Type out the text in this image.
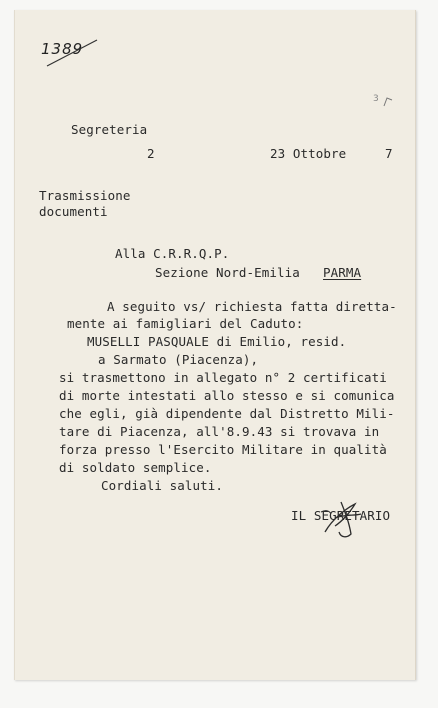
1389
3
Segreteria
2	23 Ottobre	7
Trasmissione
documenti
Alla C.R.R.Q.P.
Sezione Nord-Emilia PARMA
A seguito vs/ richiesta fatta diretta-
mente ai famigliari del Caduto:
MUSELLI PASQUALE di Emilio, resid.
a Sarmato (Piacenza),
si trasmettono in allegato n° 2 certificati
di morte intestati allo stesso e si comunica
che egli, già dipendente dal Distretto Mili-
tare di Piacenza, all'8.9.43 si trovava in
forza presso l'Esercito Militare in qualità
di soldato semplice.
Cordiali saluti.
IL SEGRETARIO
